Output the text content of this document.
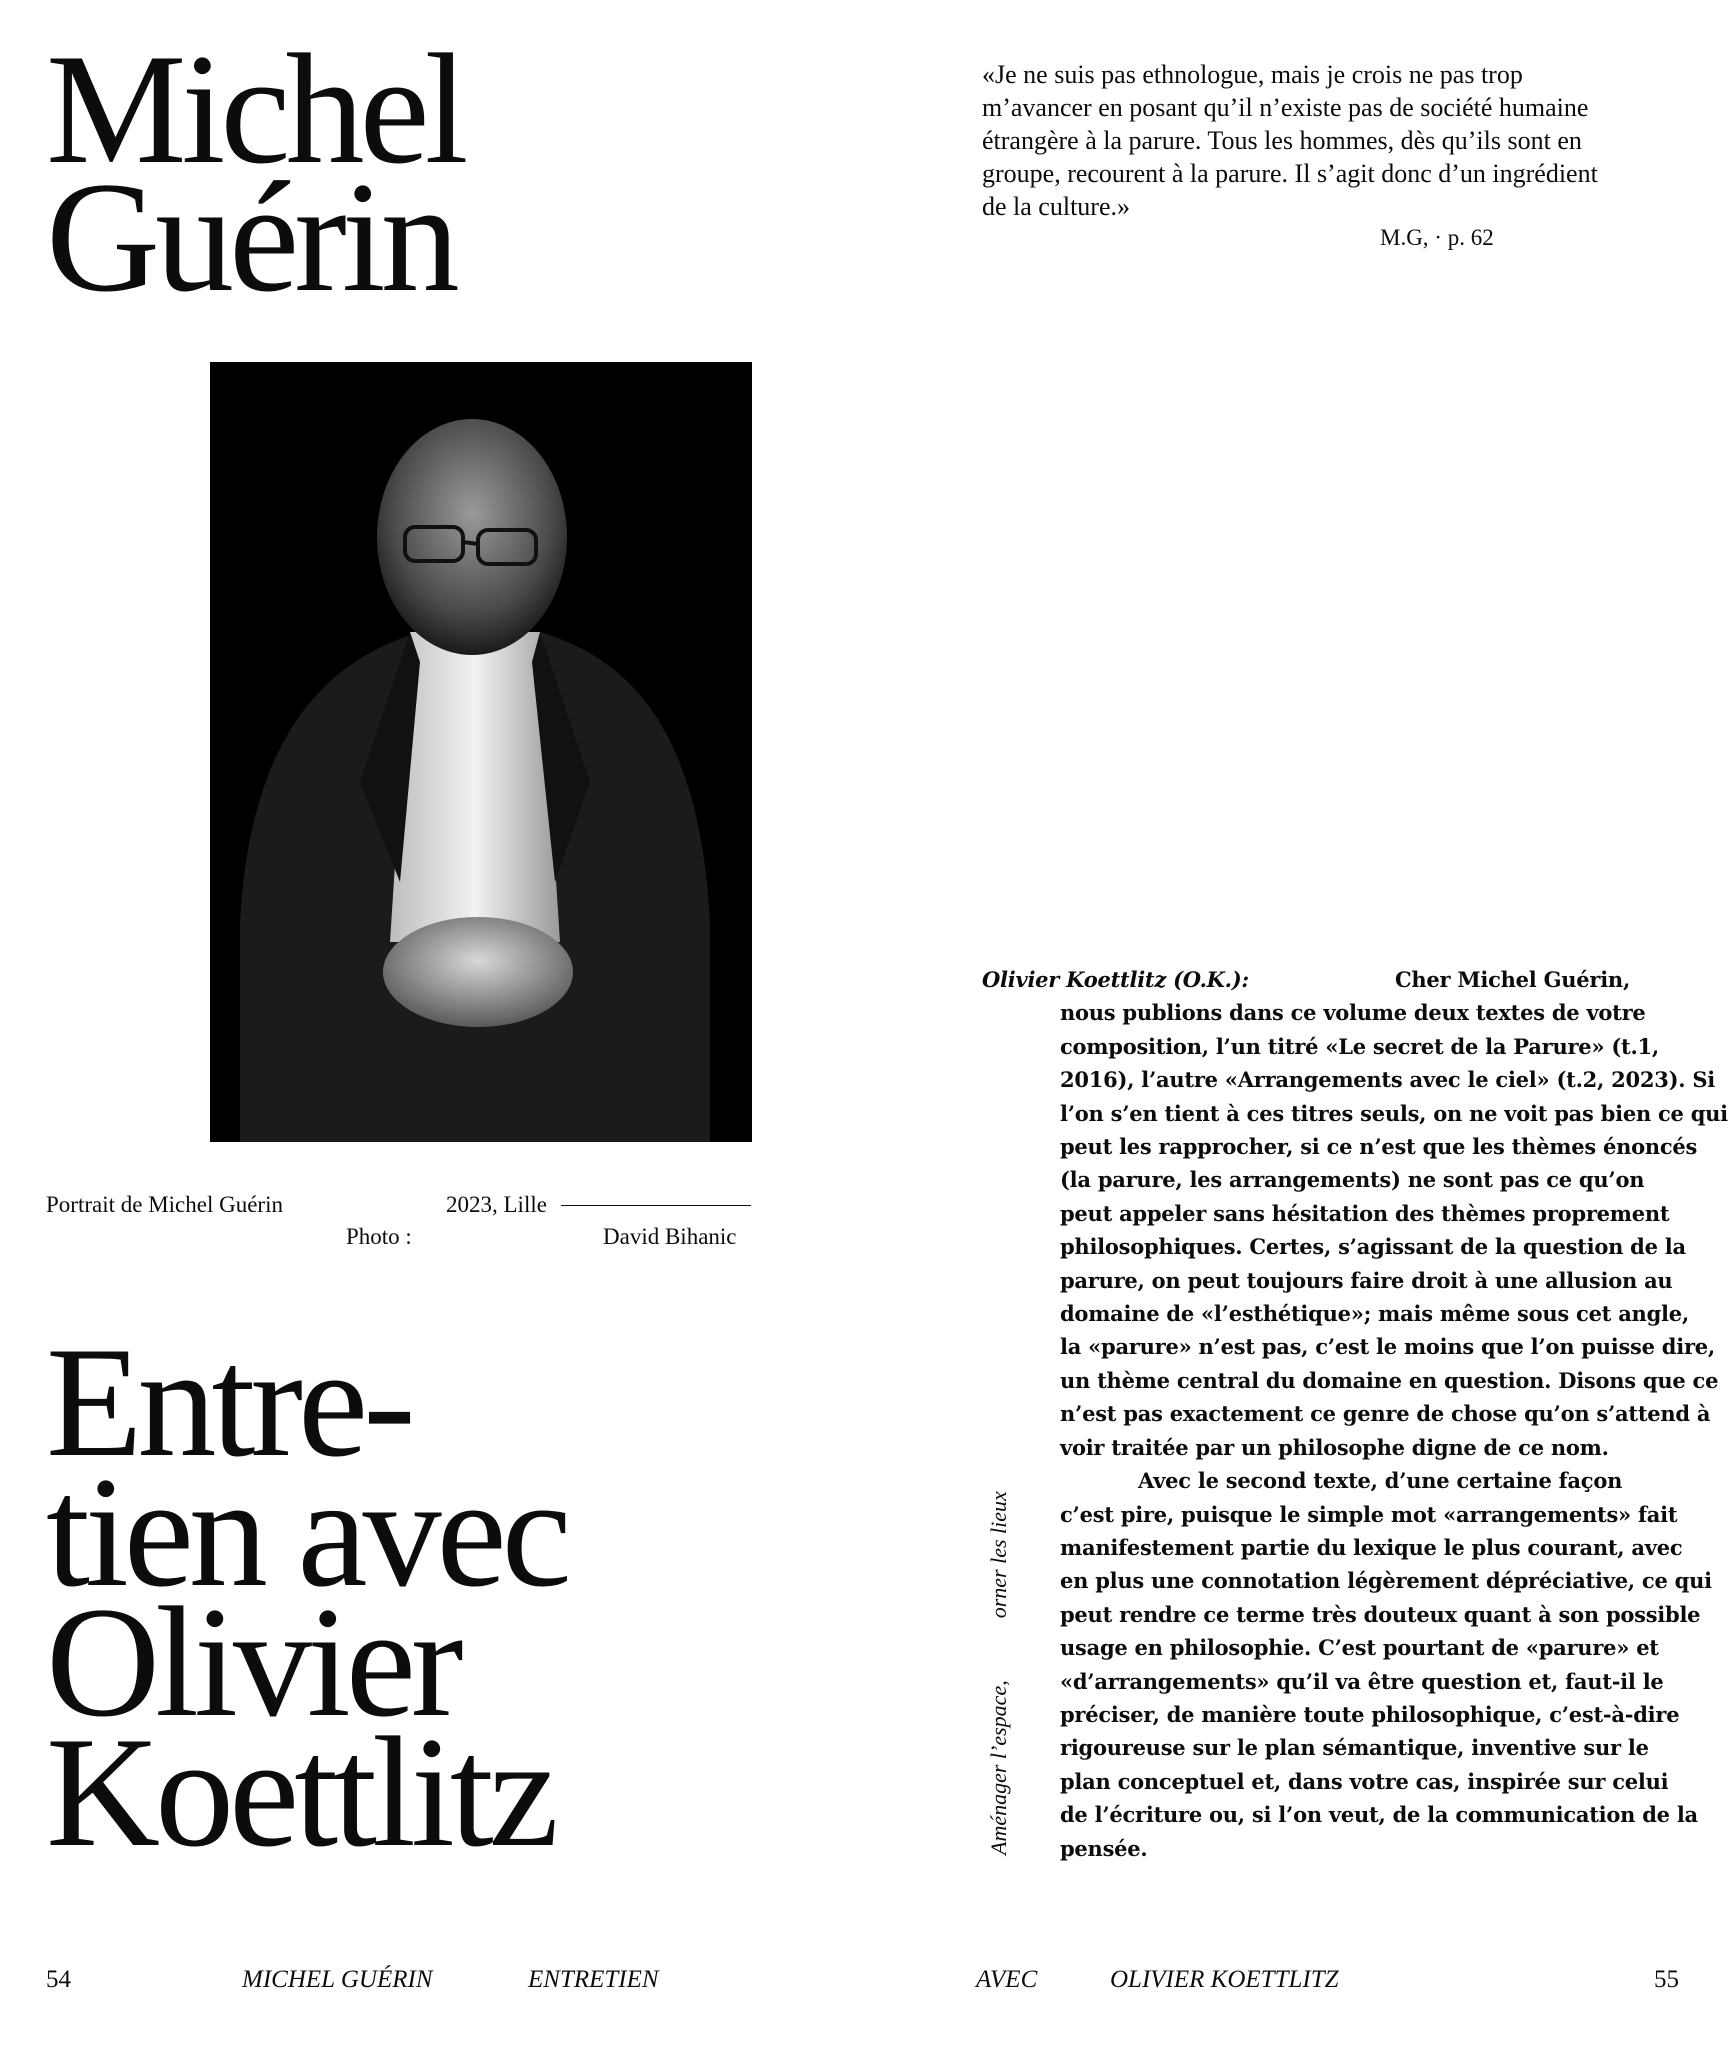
Michel
Guérin
Portrait de Michel Guérin	2023, Lille
Photo :	David Bihanic
Entre-
tien avec
Olivier
Koettlitz
54	MICHEL GUÉRIN	ENTRETIEN

«Je ne suis pas ethnologue, mais je crois ne pas trop m’avancer en posant qu’il n’existe pas de société humaine étrangère à la parure. Tous les hommes, dès qu’ils sont en groupe, recourent à la parure. Il s’agit donc d’un ingrédient de la culture.»

M.G, · p. 62
Olivier Koettlitz (O.K.):	Cher Michel Guérin,
nous publions dans ce volume deux textes de votre
composition, l’un titré «Le secret de la Parure» (t.1,
2016), l’autre «Arrangements avec le ciel» (t.2, 2023). Si
l’on s’en tient à ces titres seuls, on ne voit pas bien ce qui
peut les rapprocher, si ce n’est que les thèmes énoncés
(la parure, les arrangements) ne sont pas ce qu’on
peut appeler sans hésitation des thèmes proprement
philosophiques. Certes, s’agissant de la question de la
parure, on peut toujours faire droit à une allusion au
domaine de «l’esthétique»; mais même sous cet angle,
la «parure» n’est pas, c’est le moins que l’on puisse dire,
un thème central du domaine en question. Disons que ce
n’est pas exactement ce genre de chose qu’on s’attend à
voir traitée par un philosophe digne de ce nom.
Avec le second texte, d’une certaine façon
c’est pire, puisque le simple mot «arrangements» fait
manifestement partie du lexique le plus courant, avec
en plus une connotation légèrement dépréciative, ce qui
peut rendre ce terme très douteux quant à son possible
usage en philosophie. C’est pourtant de «parure» et
«d’arrangements» qu’il va être question et, faut-il le
préciser, de manière toute philosophique, c’est-à-dire
rigoureuse sur le plan sémantique, inventive sur le
plan conceptuel et, dans votre cas, inspirée sur celui
de l’écriture ou, si l’on veut, de la communication de la
pensée.
Aménager l’espace,orner les lieux
AVEC	OLIVIER KOETTLITZ	55
